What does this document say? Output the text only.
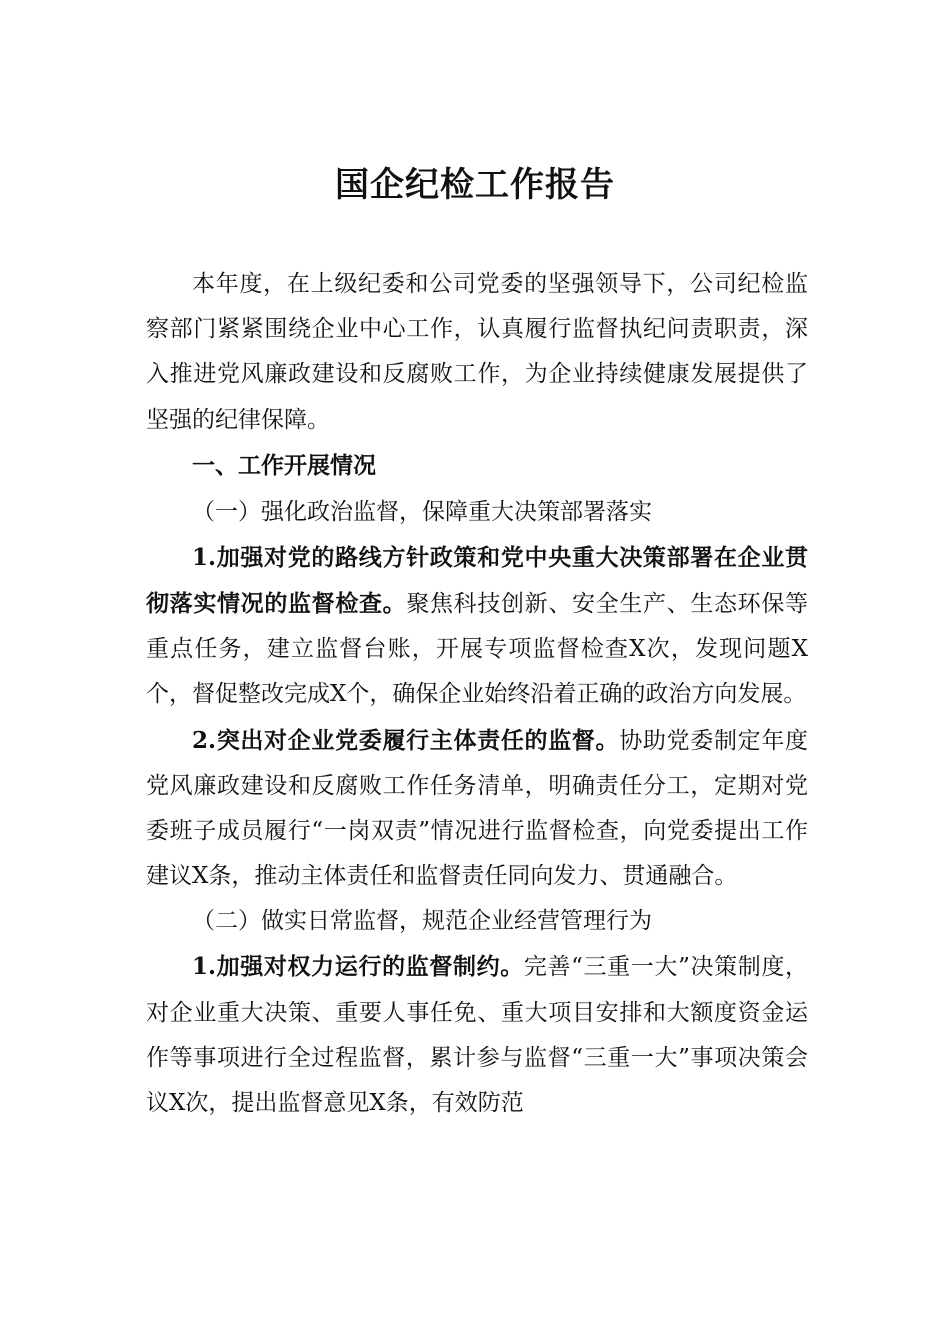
国企纪检工作报告

本年度，在上级纪委和公司党委的坚强领导下，公司纪检监察部门紧紧围绕企业中心工作，认真履行监督执纪问责职责，深入推进党风廉政建设和反腐败工作，为企业持续健康发展提供了坚强的纪律保障。

一、工作开展情况

（一）强化政治监督，保障重大决策部署落实

1.加强对党的路线方针政策和党中央重大决策部署在企业贯彻落实情况的监督检查。聚焦科技创新、安全生产、生态环保等重点任务，建立监督台账，开展专项监督检查X次，发现问题X个，督促整改完成X个，确保企业始终沿着正确的政治方向发展。

2.突出对企业党委履行主体责任的监督。协助党委制定年度党风廉政建设和反腐败工作任务清单，明确责任分工，定期对党委班子成员履行“一岗双责”情况进行监督检查，向党委提出工作建议X条，推动主体责任和监督责任同向发力、贯通融合。

（二）做实日常监督，规范企业经营管理行为

1.加强对权力运行的监督制约。完善“三重一大”决策制度，对企业重大决策、重要人事任免、重大项目安排和大额度资金运作等事项进行全过程监督，累计参与监督“三重一大”事项决策会议X次，提出监督意见X条，有效防范
